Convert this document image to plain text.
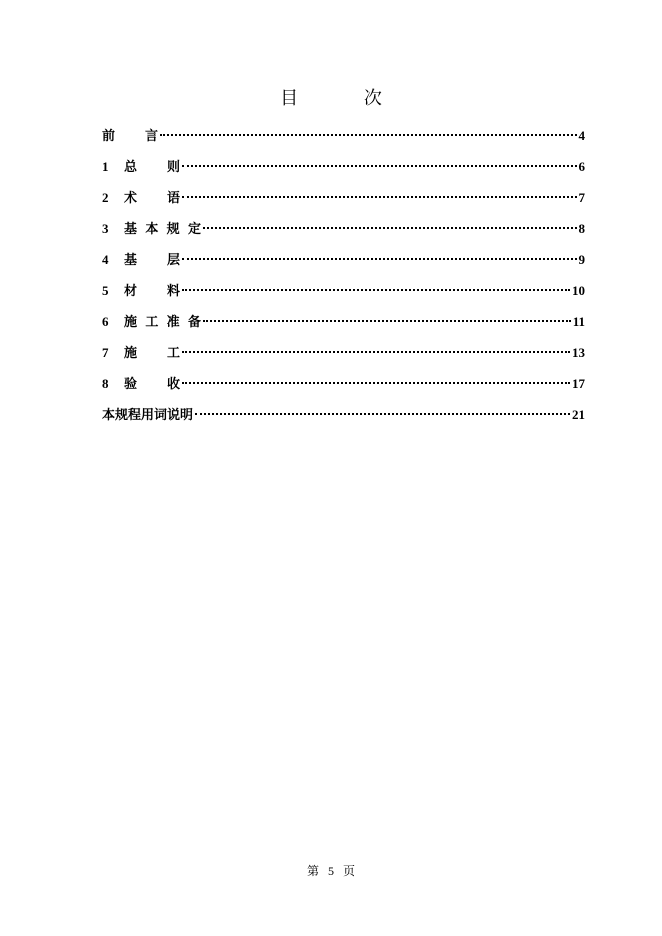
目 次
前 言	4
1	总 则	6
2	术 语	7
3	基 本 规 定	8
4	基 层	9
5	材 料	10
6	施 工 准 备	11
7	施 工	13
8	验 收	17
本规程用词说明	21
第 5 页
